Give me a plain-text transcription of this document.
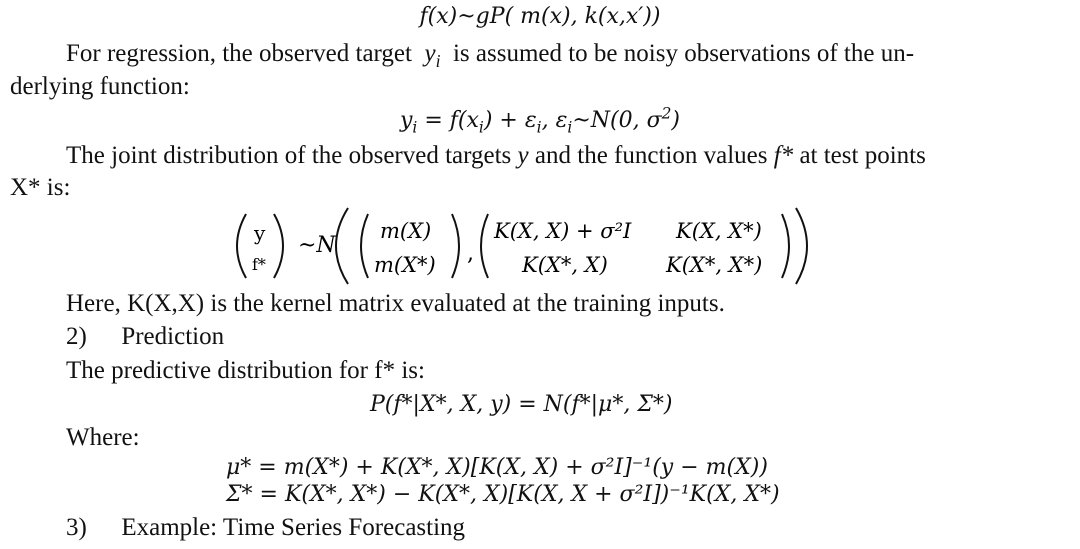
f(x)~gP( m(x), k(x,x′))
For regression, the observed target $y_i$ is assumed to be noisy observations of the un-
derlying function:
$y_i = f(x_i) + \varepsilon_i$, $\varepsilon_i\sim N(0$, $\sigma^2$)
The joint distribution of the observed targets y and the function values f* at test points
X* is:
y
f*
~N
m(X)
m(X*) ,
K(X, X) + σ²I K(X, X*)
K(X*, X)	K(X*, X*)
Here, K(X,X) is the kernel matrix evaluated at the training inputs.
2) Prediction
The predictive distribution for f* is:
P(f*|X*, X, y) = N(f*|μ*, Σ*)
Where:
μ* = m(X*) + K(X*, X)[K(X, X) + σ²I]⁻¹(y − m(X))
Σ* = K(X*, X*) − K(X*, X)[K(X, X + σ²I])⁻¹K(X, X*)
3) Example: Time Series Forecasting
